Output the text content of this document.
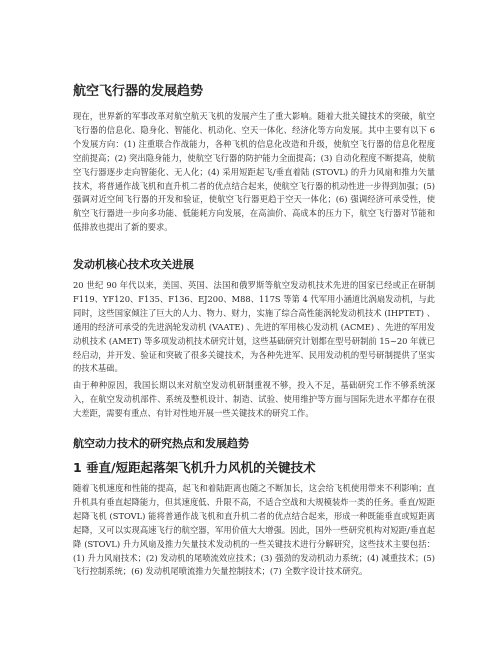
航空飞行器的发展趋势

现在，世界新的军事改革对航空航天飞机的发展产生了重大影响。随着大批关键技术的突破，航空飞行器的信息化、隐身化、智能化、机动化、空天一体化、经济化等方向发展。其中主要有以下 6 个发展方向：(1) 注重联合作战能力，各种飞机的信息化改造和升级，使航空飞行器的信息化程度空前提高；(2) 突出隐身能力，使航空飞行器的防护能力全面提高；(3) 自动化程度不断提高，使航空飞行器逐步走向智能化、无人化；(4) 采用短距起飞/垂直着陆 (STOVL) 的升力风扇和推力矢量技术，将普通作战飞机和直升机二者的优点结合起来，使航空飞行器的机动性进一步得到加强；(5) 强调对近空间飞行器的开发和验证，使航空飞行器更趋于空天一体化；(6) 强调经济可承受性，使航空飞行器进一步向多功能、低能耗方向发展，在高油价、高成本的压力下，航空飞行器对节能和低排放也提出了新的要求。

发动机核心技术攻关进展

20 世纪 90 年代以来，美国、英国、法国和俄罗斯等航空发动机技术先进的国家已经或正在研制 F119、YF120、F135、F136、EJ200、M88、117S 等第 4 代军用小涵道比涡扇发动机，与此同时，这些国家倾注了巨大的人力、物力、财力，实施了综合高性能涡轮发动机技术 (IHPTET) 、通用的经济可承受的先进涡轮发动机 (VAATE) 、先进的军用核心发动机 (ACME) 、先进的军用发动机技术 (AMET) 等多项发动机技术研究计划，这些基础研究计划都在型号研制前 15~20 年就已经启动，并开发、验证和突破了很多关键技术，为各种先进军、民用发动机的型号研制提供了坚实的技术基础。

由于种种原因，我国长期以来对航空发动机研制重视不够，投入不足，基础研究工作不够系统深入，在航空发动机部件、系统及整机设计、制造、试验、使用维护等方面与国际先进水平都存在很大差距，需要有重点、有针对性地开展一些关键技术的研究工作。

航空动力技术的研究热点和发展趋势
1 垂直/短距起落架飞机升力风机的关键技术

随着飞机速度和性能的提高，起飞和着陆距离也随之不断加长，这会给飞机使用带来不利影响；直升机具有垂直起降能力，但其速度低、升限不高，不适合空战和大规模装炸一类的任务。垂直/短距起降飞机 (STOVL) 能将普通作战飞机和直升机二者的优点结合起来，形成一种既能垂直或短距离起降，又可以实现高速飞行的航空器，军用价值大大增强。因此，国外一些研究机构对短距/垂直起降 (STOVL) 升力风扇及推力矢量技术发动机的一些关键技术进行分解研究，这些技术主要包括：(1) 升力风扇技术；(2) 发动机的尾喷流效应技术；(3) 强劲的发动机动力系统；(4) 减重技术；(5) 飞行控制系统；(6) 发动机尾喷流推力矢量控制技术；(7) 全数字设计技术研究。
